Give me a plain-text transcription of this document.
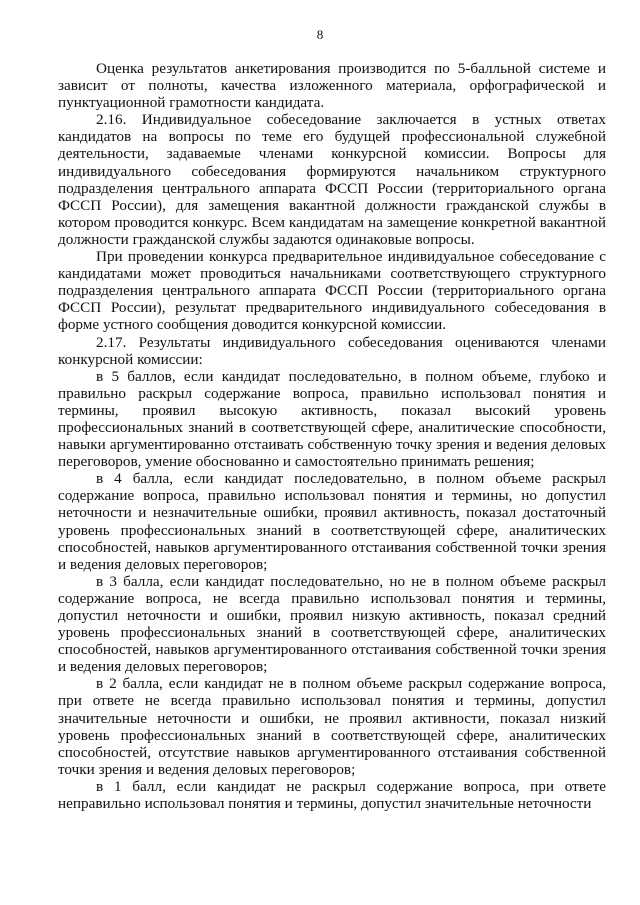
8

Оценка результатов анкетирования производится по 5-балльной системе и зависит от полноты, качества изложенного материала, орфографической и пунктуационной грамотности кандидата.

2.16. Индивидуальное собеседование заключается в устных ответах кандидатов на вопросы по теме его будущей профессиональной служебной деятельности, задаваемые членами конкурсной комиссии. Вопросы для индивидуального собеседования формируются начальником структурного подразделения центрального аппарата ФССП России (территориального органа ФССП России), для замещения вакантной должности гражданской службы в котором проводится конкурс. Всем кандидатам на замещение конкретной вакантной должности гражданской службы задаются одинаковые вопросы.

При проведении конкурса предварительное индивидуальное собеседование с кандидатами может проводиться начальниками соответствующего структурного подразделения центрального аппарата ФССП России (территориального органа ФССП России), результат предварительного индивидуального собеседования в форме устного сообщения доводится конкурсной комиссии.

2.17. Результаты индивидуального собеседования оцениваются членами конкурсной комиссии:

в 5 баллов, если кандидат последовательно, в полном объеме, глубоко и правильно раскрыл содержание вопроса, правильно использовал понятия и термины, проявил высокую активность, показал высокий уровень профессиональных знаний в соответствующей сфере, аналитические способности, навыки аргументированно отстаивать собственную точку зрения и ведения деловых переговоров, умение обоснованно и самостоятельно принимать решения;

в 4 балла, если кандидат последовательно, в полном объеме раскрыл содержание вопроса, правильно использовал понятия и термины, но допустил неточности и незначительные ошибки, проявил активность, показал достаточный уровень профессиональных знаний в соответствующей сфере, аналитических способностей, навыков аргументированного отстаивания собственной точки зрения и ведения деловых переговоров;

в 3 балла, если кандидат последовательно, но не в полном объеме раскрыл содержание вопроса, не всегда правильно использовал понятия и термины, допустил неточности и ошибки, проявил низкую активность, показал средний уровень профессиональных знаний в соответствующей сфере, аналитических способностей, навыков аргументированного отстаивания собственной точки зрения и ведения деловых переговоров;

в 2 балла, если кандидат не в полном объеме раскрыл содержание вопроса, при ответе не всегда правильно использовал понятия и термины, допустил значительные неточности и ошибки, не проявил активности, показал низкий уровень профессиональных знаний в соответствующей сфере, аналитических способностей, отсутствие навыков аргументированного отстаивания собственной точки зрения и ведения деловых переговоров;

в 1 балл, если кандидат не раскрыл содержание вопроса, при ответе неправильно использовал понятия и термины, допустил значительные неточности
